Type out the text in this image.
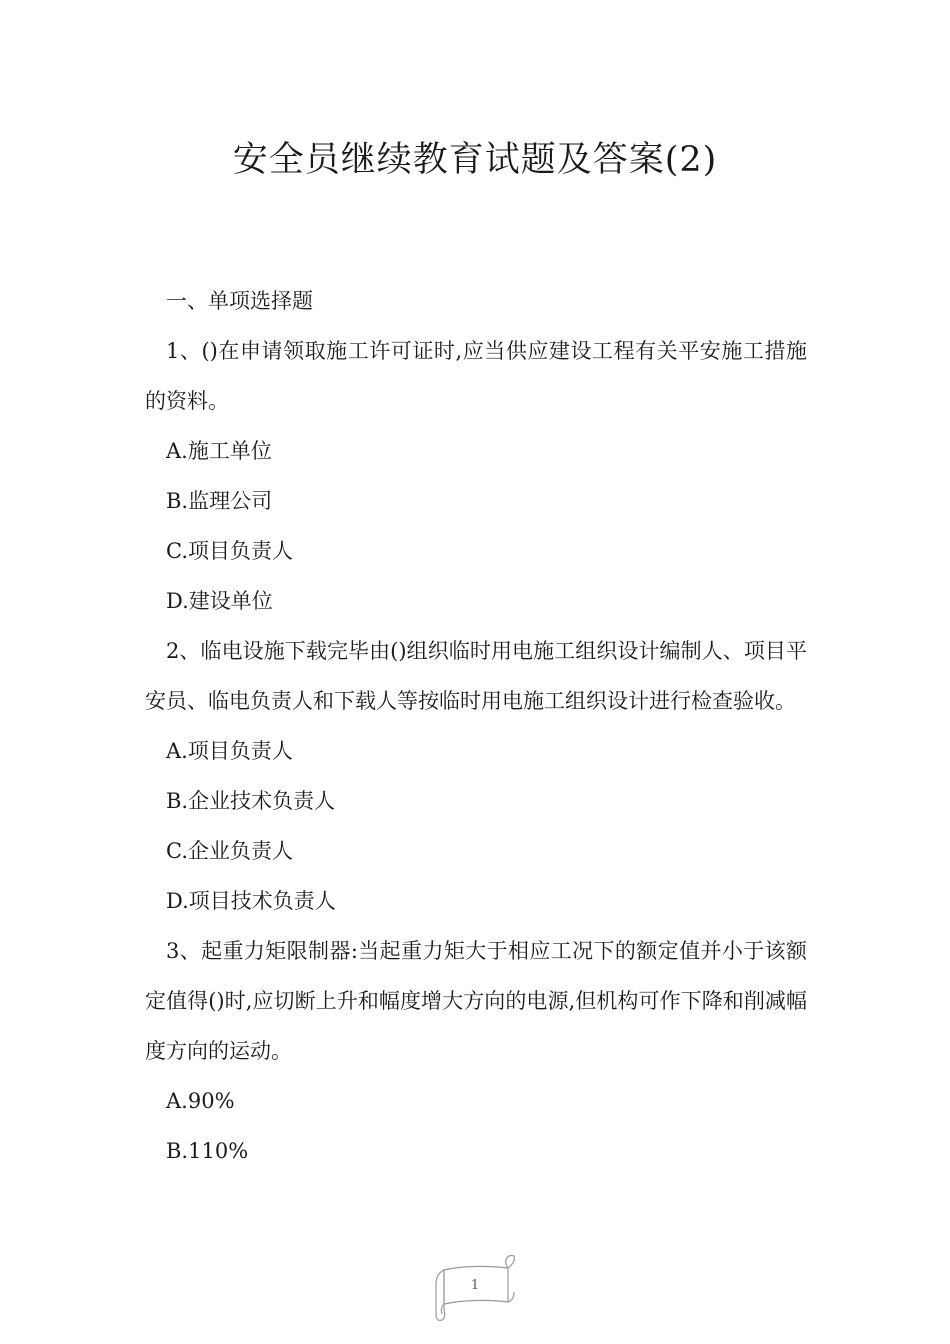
安全员继续教育试题及答案(2)

一、单项选择题

1、()在申请领取施工许可证时,应当供应建设工程有关平安施工措施的资料。

A.施工单位

B.监理公司

C.项目负责人

D.建设单位

2、临电设施下载完毕由()组织临时用电施工组织设计编制人、项目平安员、临电负责人和下载人等按临时用电施工组织设计进行检查验收。

A.项目负责人

B.企业技术负责人

C.企业负责人

D.项目技术负责人

3、起重力矩限制器:当起重力矩大于相应工况下的额定值并小于该额定值得()时,应切断上升和幅度增大方向的电源,但机构可作下降和削减幅度方向的运动。

A.90%

B.110%

1
